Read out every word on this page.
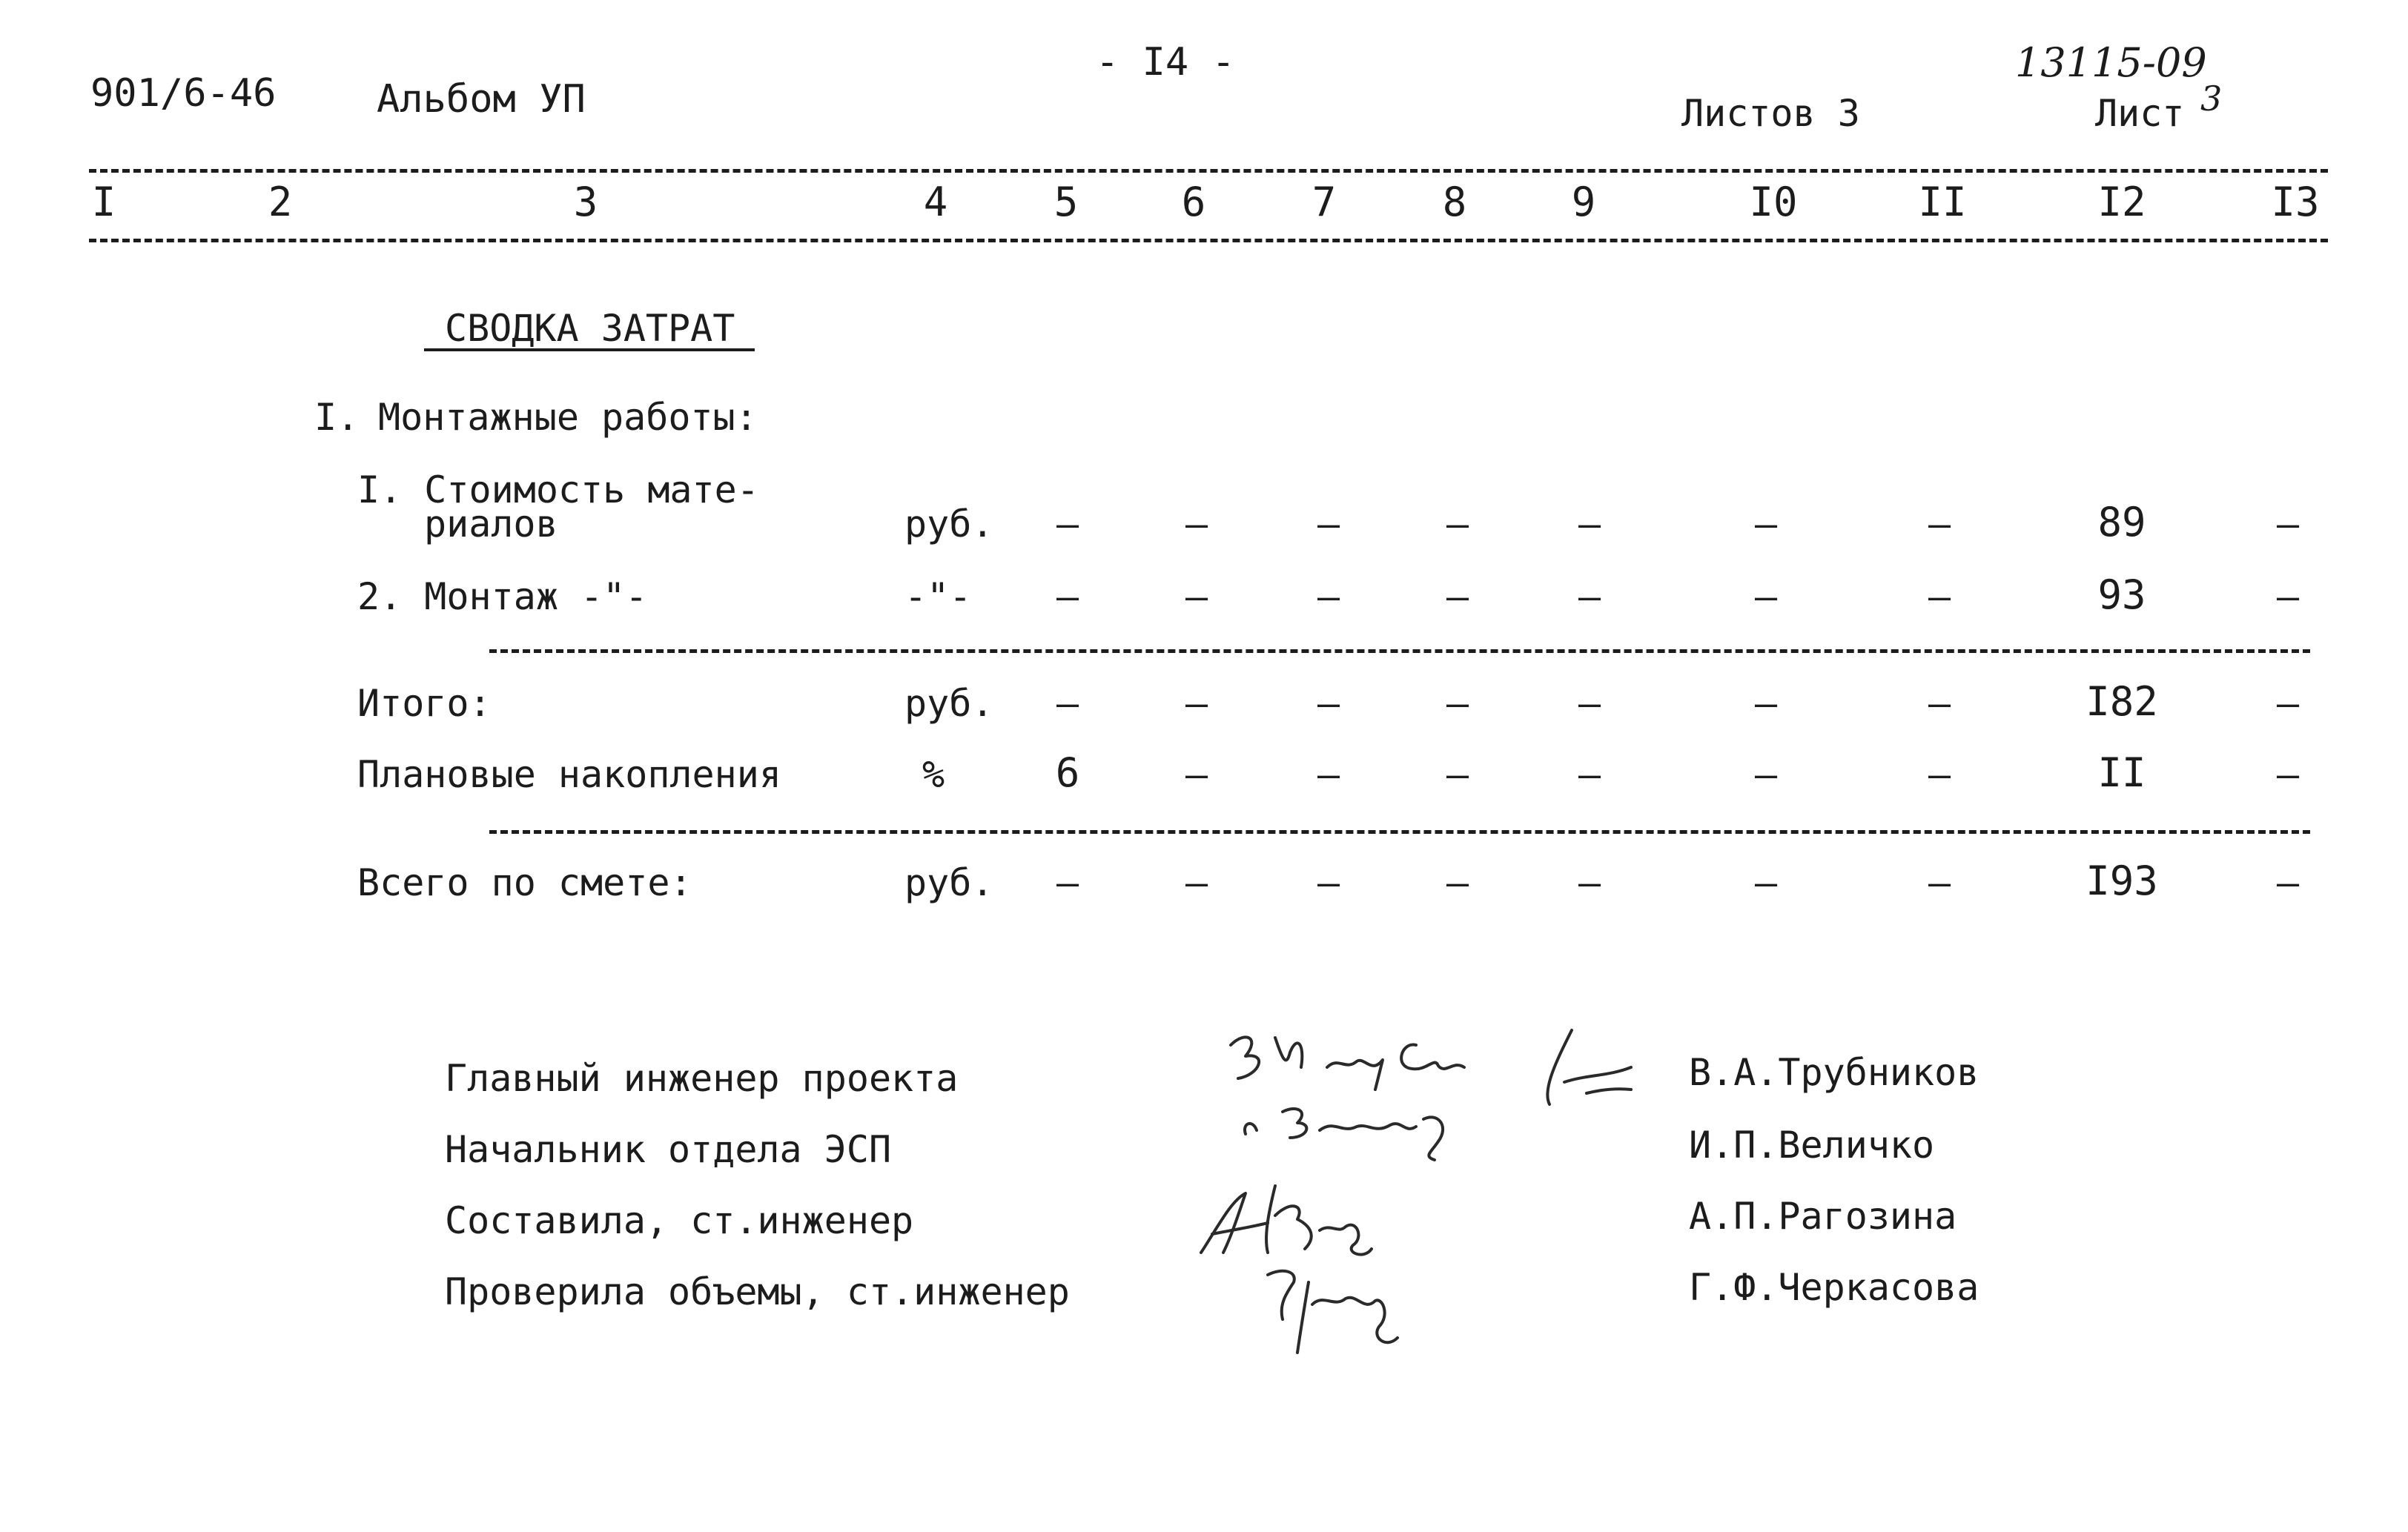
901/6-46	Альбом УП
- I4 -	13115-09
Листов 3	Лист 3
I	2	3	4	5	6	7	8	9	I0	II	I2	I3
СВОДКА ЗАТРАТ
I. Монтажные работы:
I. Стоимость мате-
риалов	руб. –	–	–	–	–	–	–	89	–
2. Монтаж -"-	-"- –	–	–	–	–	–	–	93	–
Итого:	руб. –	–	–	–	–	–	–	I82	–
Плановые накопления	%	6	–	–	–	–	–	–	II	–
Всего по смете:	руб. –	–	–	–	–	–	–	I93	–
Главный инженер проекта	В.А.Трубников
Начальник отдела ЭСП	И.П.Величко
Составила, ст.инженер	А.П.Рагозина
Проверила объемы, ст.инженер	Г.Ф.Черкасова
